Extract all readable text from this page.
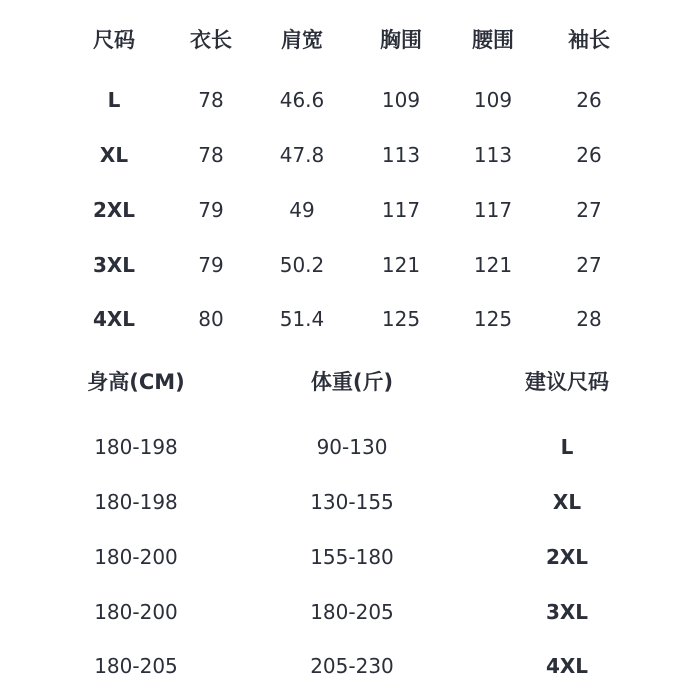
尺码	衣长	肩宽	胸围	腰围	袖长
L	78	46.6	109	109	26
XL	78	47.8	113	113	26
2XL	79	49	117	117	27
3XL	79	50.2	121	121	27
4XL	80	51.4	125	125	28
身高(CM)	体重(斤)	建议尺码
180-198	90-130	L
180-198	130-155	XL
180-200	155-180	2XL
180-200	180-205	3XL
180-205	205-230	4XL
